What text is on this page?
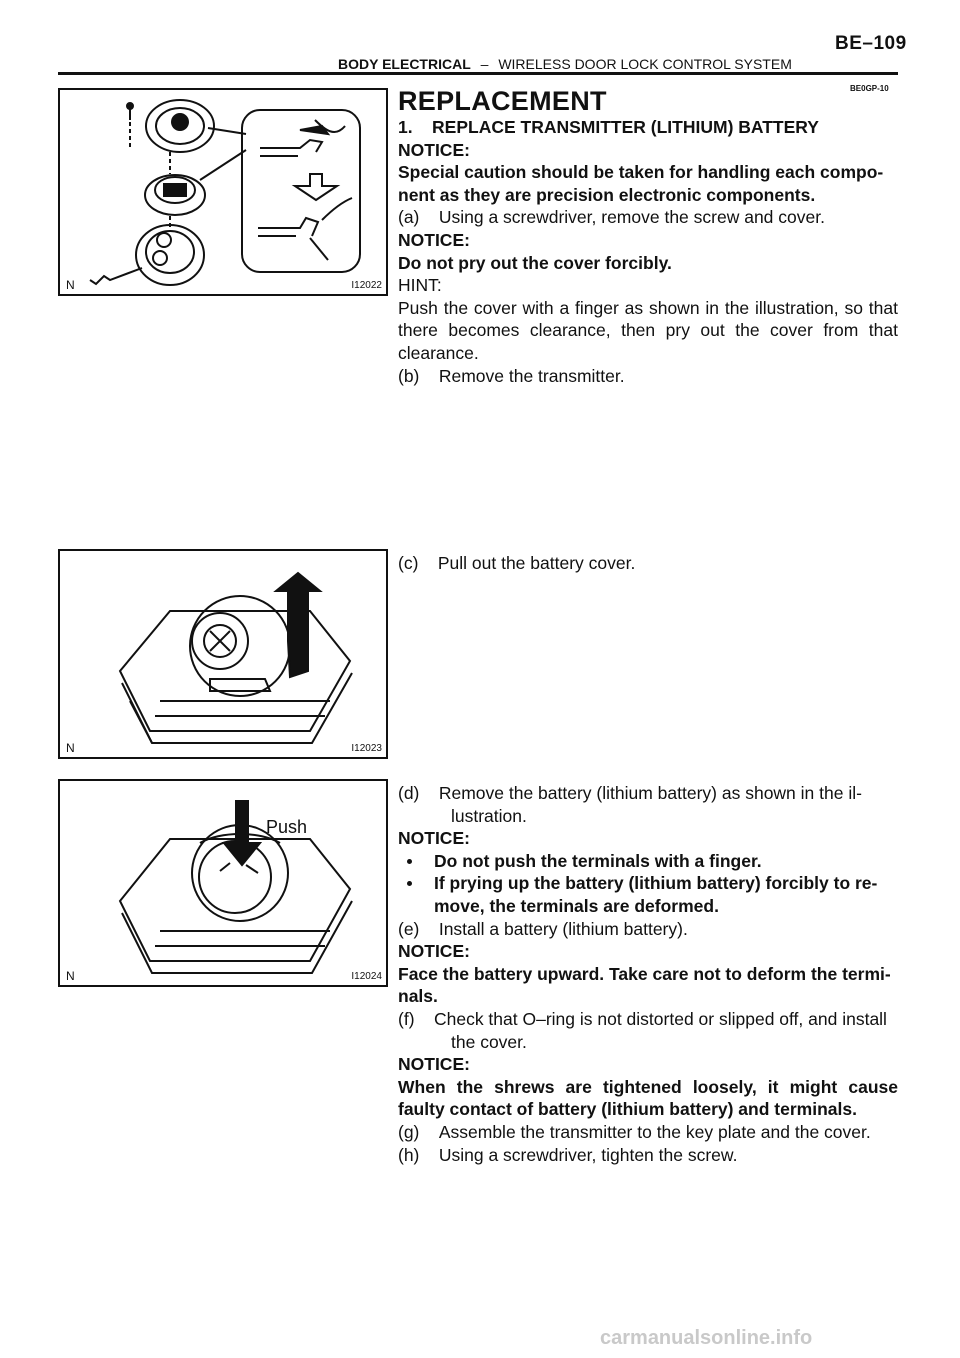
BE–109
BODY ELECTRICAL – WIRELESS DOOR LOCK CONTROL SYSTEM
BE0GP-10
N	I12022
N	I12023
Push
N	I12024

REPLACEMENT

1.    REPLACE TRANSMITTER (LITHIUM) BATTERY

NOTICE:

Special caution should be taken for handling each compo- nent as they are precision electronic components.

(a)    Using a screwdriver, remove the screw and cover.

NOTICE:

Do not pry out the cover forcibly.

HINT:

Push the cover with a finger as shown in the illustration, so that there becomes clearance, then pry out the cover from that clearance.

(b)    Remove the transmitter.

(c)    Pull out the battery cover.

(d)    Remove the battery (lithium battery) as shown in the il- lustration.

NOTICE:

Do not push the terminals with a finger.

If prying up the battery (lithium battery) forcibly to re- move, the terminals are deformed.

(e)    Install a battery (lithium battery).

NOTICE:

Face the battery upward. Take care not to deform the termi- nals.

(f)    Check that O–ring is not distorted or slipped off, and install the cover.

NOTICE:

When the shrews are tightened loosely, it might cause faulty contact of battery (lithium battery) and terminals.

(g)    Assemble the transmitter to the key plate and the cover.

(h)    Using a screwdriver, tighten the screw.

carmanualsonline.info
